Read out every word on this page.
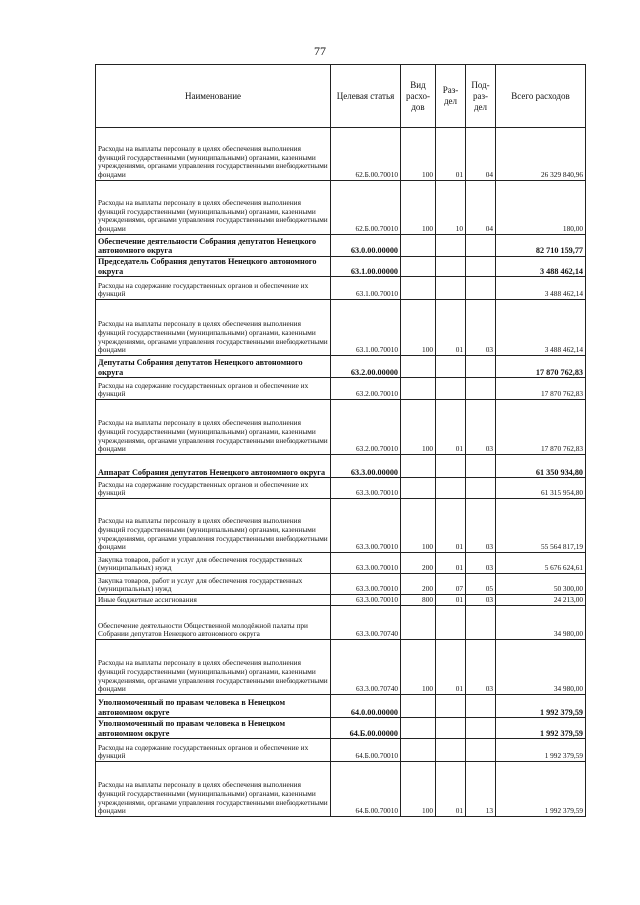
77
Наименование	Целевая статья	Вид расхо-дов	Раз-дел	Под-раз-дел	Всего расходов
Расходы на выплаты персоналу в целях обеспечения выполнения функций государственными (муниципальными) органами, казенными учреждениями, органами управления государственными внебюджетными фондами	62.Б.00.70010	100	01	04	26 329 840,96
Расходы на выплаты персоналу в целях обеспечения выполнения функций государственными (муниципальными) органами, казенными учреждениями, органами управления государственными внебюджетными фондами	62.Б.00.70010	100	10	04	180,00
Обеспечение деятельности Собрания депутатов Ненецкого автономного округа	63.0.00.00000				82 710 159,77
Председатель Собрания депутатов Ненецкого автономного округа	63.1.00.00000				3 488 462,14
Расходы на содержание государственных органов и обеспечение их функций	63.1.00.70010				3 488 462,14
Расходы на выплаты персоналу в целях обеспечения выполнения функций государственными (муниципальными) органами, казенными учреждениями, органами управления государственными внебюджетными фондами	63.1.00.70010	100	01	03	3 488 462,14
Депутаты Собрания депутатов Ненецкого автономного округа	63.2.00.00000				17 870 762,83
Расходы на содержание государственных органов и обеспечение их функций	63.2.00.70010				17 870 762,83
Расходы на выплаты персоналу в целях обеспечения выполнения функций государственными (муниципальными) органами, казенными учреждениями, органами управления государственными внебюджетными фондами	63.2.00.70010	100	01	03	17 870 762,83
Аппарат Собрания депутатов Ненецкого автономного округа	63.3.00.00000				61 350 934,80
Расходы на содержание государственных органов и обеспечение их функций	63.3.00.70010				61 315 954,80
Расходы на выплаты персоналу в целях обеспечения выполнения функций государственными (муниципальными) органами, казенными учреждениями, органами управления государственными внебюджетными фондами	63.3.00.70010	100	01	03	55 564 817,19
Закупка товаров, работ и услуг для обеспечения государственных (муниципальных) нужд	63.3.00.70010	200	01	03	5 676 624,61
Закупка товаров, работ и услуг для обеспечения государственных (муниципальных) нужд	63.3.00.70010	200	07	05	50 300,00
Иные бюджетные ассигнования	63.3.00.70010	800	01	03	24 213,00
Обеспечение деятельности Общественной молодёжной палаты при Собрании депутатов Ненецкого автономного округа	63.3.00.70740				34 980,00
Расходы на выплаты персоналу в целях обеспечения выполнения функций государственными (муниципальными) органами, казенными учреждениями, органами управления государственными внебюджетными фондами	63.3.00.70740	100	01	03	34 980,00
Уполномоченный по правам человека в Ненецком автономном округе	64.0.00.00000				1 992 379,59
Уполномоченный по правам человека в Ненецком автономном округе	64.Б.00.00000				1 992 379,59
Расходы на содержание государственных органов и обеспечение их функций	64.Б.00.70010				1 992 379,59
Расходы на выплаты персоналу в целях обеспечения выполнения функций государственными (муниципальными) органами, казенными учреждениями, органами управления государственными внебюджетными фондами	64.Б.00.70010	100	01	13	1 992 379,59
